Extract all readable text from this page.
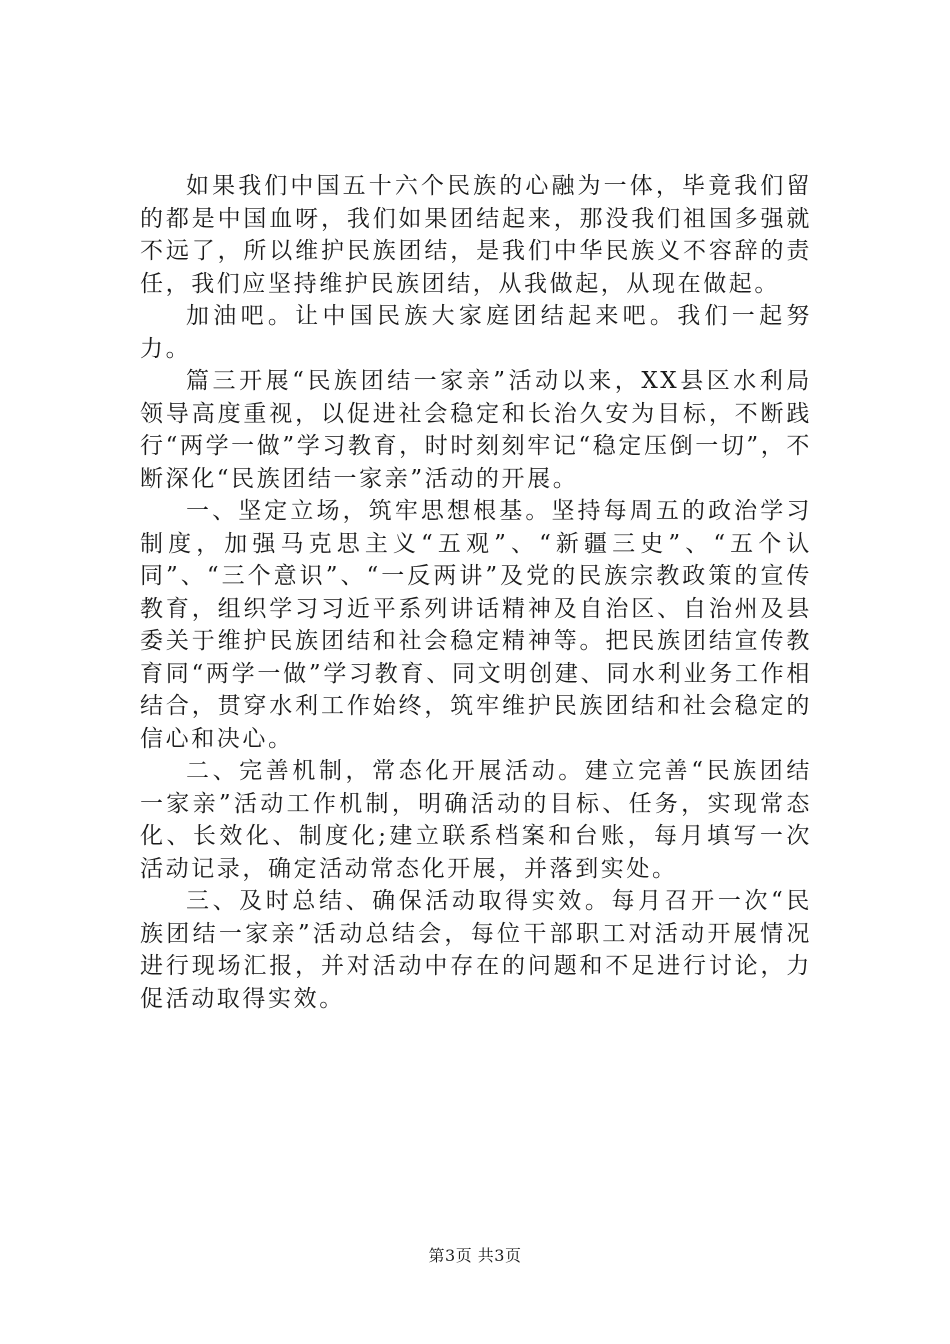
如果我们中国五十六个民族的心融为一体，毕竟我们留的都是中国血呀，我们如果团结起来，那没我们祖国多强就不远了，所以维护民族团结，是我们中华民族义不容辞的责任，我们应坚持维护民族团结，从我做起，从现在做起。

加油吧。让中国民族大家庭团结起来吧。我们一起努力。

篇三开展“民族团结一家亲”活动以来，XX县区水利局领导高度重视，以促进社会稳定和长治久安为目标，不断践行“两学一做”学习教育，时时刻刻牢记“稳定压倒一切”，不断深化“民族团结一家亲”活动的开展。

一、坚定立场，筑牢思想根基。坚持每周五的政治学习制度，加强马克思主义“五观”、“新疆三史”、“五个认同”、“三个意识”、“一反两讲”及党的民族宗教政策的宣传教育，组织学习习近平系列讲话精神及自治区、自治州及县委关于维护民族团结和社会稳定精神等。把民族团结宣传教育同“两学一做”学习教育、同文明创建、同水利业务工作相结合，贯穿水利工作始终，筑牢维护民族团结和社会稳定的信心和决心。

二、完善机制，常态化开展活动。建立完善“民族团结一家亲”活动工作机制，明确活动的目标、任务，实现常态化、长效化、制度化;建立联系档案和台账，每月填写一次活动记录，确定活动常态化开展，并落到实处。

三、及时总结、确保活动取得实效。每月召开一次“民族团结一家亲”活动总结会，每位干部职工对活动开展情况进行现场汇报，并对活动中存在的问题和不足进行讨论，力促活动取得实效。

第3页 共3页
